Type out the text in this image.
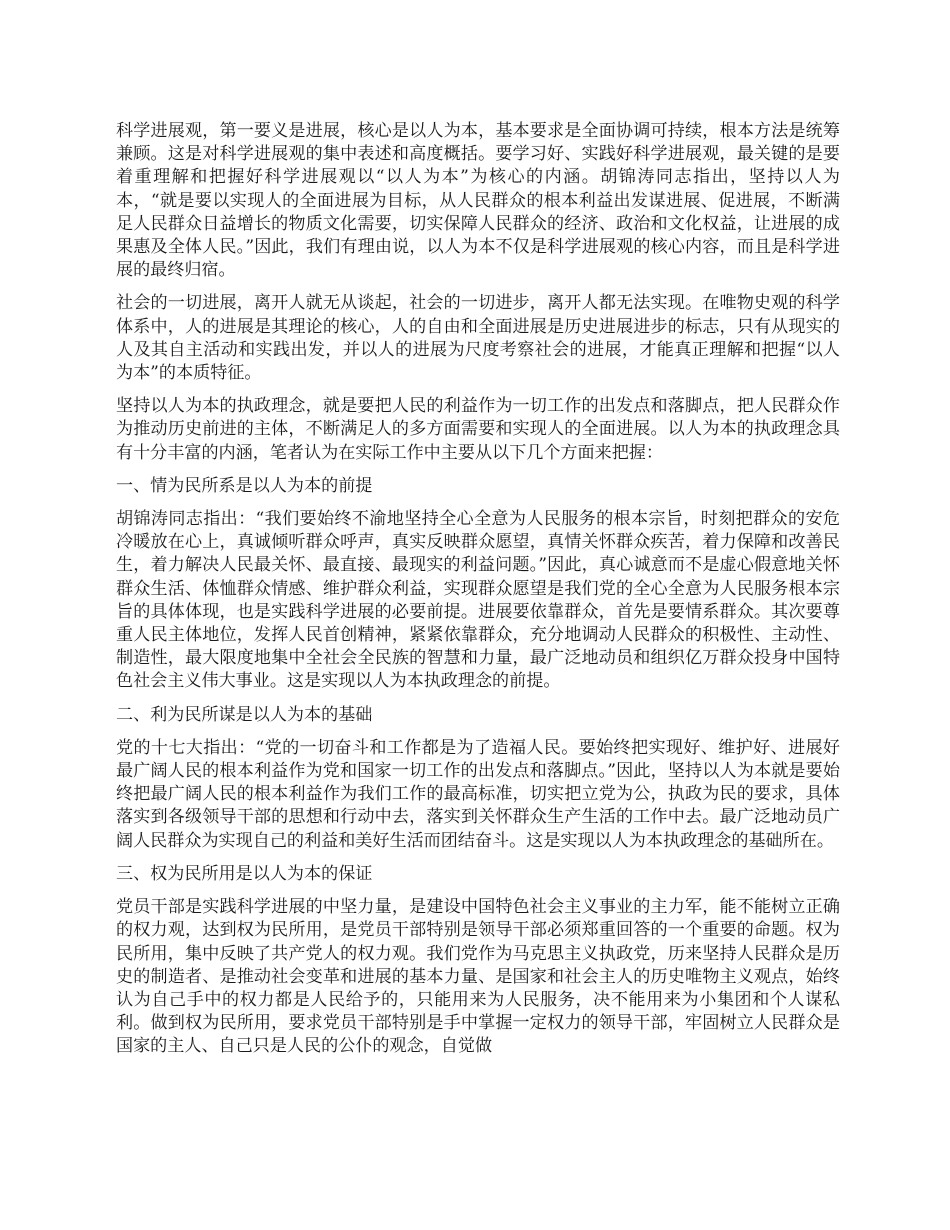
科学进展观，第一要义是进展，核心是以人为本，基本要求是全面协调可持续，根本方法是统筹兼顾。这是对科学进展观的集中表述和高度概括。要学习好、实践好科学进展观，最关键的是要着重理解和把握好科学进展观以“以人为本”为核心的内涵。胡锦涛同志指出，坚持以人为本，“就是要以实现人的全面进展为目标，从人民群众的根本利益出发谋进展、促进展，不断满足人民群众日益增长的物质文化需要，切实保障人民群众的经济、政治和文化权益，让进展的成果惠及全体人民。”因此，我们有理由说，以人为本不仅是科学进展观的核心内容，而且是科学进展的最终归宿。

社会的一切进展，离开人就无从谈起，社会的一切进步，离开人都无法实现。在唯物史观的科学体系中，人的进展是其理论的核心，人的自由和全面进展是历史进展进步的标志，只有从现实的人及其自主活动和实践出发，并以人的进展为尺度考察社会的进展，才能真正理解和把握“以人为本”的本质特征。

坚持以人为本的执政理念，就是要把人民的利益作为一切工作的出发点和落脚点，把人民群众作为推动历史前进的主体，不断满足人的多方面需要和实现人的全面进展。以人为本的执政理念具有十分丰富的内涵，笔者认为在实际工作中主要从以下几个方面来把握：

一、情为民所系是以人为本的前提

胡锦涛同志指出：“我们要始终不渝地坚持全心全意为人民服务的根本宗旨，时刻把群众的安危冷暖放在心上，真诚倾听群众呼声，真实反映群众愿望，真情关怀群众疾苦，着力保障和改善民生，着力解决人民最关怀、最直接、最现实的利益问题。”因此，真心诚意而不是虚心假意地关怀群众生活、体恤群众情感、维护群众利益，实现群众愿望是我们党的全心全意为人民服务根本宗旨的具体体现，也是实践科学进展的必要前提。进展要依靠群众，首先是要情系群众。其次要尊重人民主体地位，发挥人民首创精神，紧紧依靠群众，充分地调动人民群众的积极性、主动性、制造性，最大限度地集中全社会全民族的智慧和力量，最广泛地动员和组织亿万群众投身中国特色社会主义伟大事业。这是实现以人为本执政理念的前提。

二、利为民所谋是以人为本的基础

党的十七大指出：“党的一切奋斗和工作都是为了造福人民。要始终把实现好、维护好、进展好最广阔人民的根本利益作为党和国家一切工作的出发点和落脚点。”因此，坚持以人为本就是要始终把最广阔人民的根本利益作为我们工作的最高标准，切实把立党为公，执政为民的要求，具体落实到各级领导干部的思想和行动中去，落实到关怀群众生产生活的工作中去。最广泛地动员广阔人民群众为实现自己的利益和美好生活而团结奋斗。这是实现以人为本执政理念的基础所在。

三、权为民所用是以人为本的保证

党员干部是实践科学进展的中坚力量，是建设中国特色社会主义事业的主力军，能不能树立正确的权力观，达到权为民所用，是党员干部特别是领导干部必须郑重回答的一个重要的命题。权为民所用，集中反映了共产党人的权力观。我们党作为马克思主义执政党，历来坚持人民群众是历史的制造者、是推动社会变革和进展的基本力量、是国家和社会主人的历史唯物主义观点，始终认为自己手中的权力都是人民给予的，只能用来为人民服务，决不能用来为小集团和个人谋私利。做到权为民所用，要求党员干部特别是手中掌握一定权力的领导干部，牢固树立人民群众是国家的主人、自己只是人民的公仆的观念，自觉做
